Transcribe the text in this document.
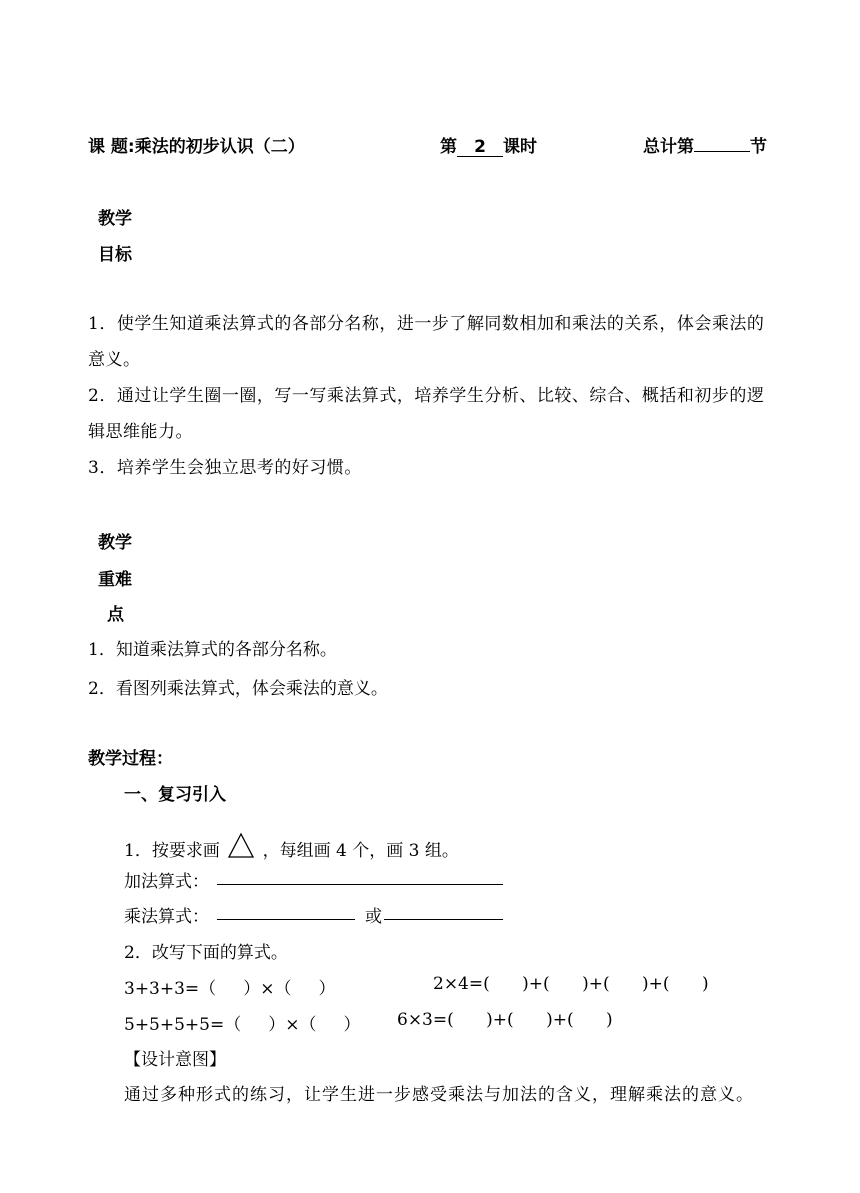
课 题:乘法的初步认识（二）	第 2 课时	总计第	节
教学
目标
1．使学生知道乘法算式的各部分名称，进一步了解同数相加和乘法的关系，体会乘法的意义。
2．通过让学生圈一圈，写一写乘法算式，培养学生分析、比较、综合、概括和初步的逻辑思维能力。
3．培养学生会独立思考的好习惯。
教学
重难
点
1．知道乘法算式的各部分名称。
2．看图列乘法算式，体会乘法的意义。
教学过程：
一、复习引入
1．按要求画	，每组画 4 个，画 3 组。
加法算式：
乘法算式：	或
2．改写下面的算式。
3+3+3=（     ）×（     ）	2×4=(      )+(      )+(      )+(      )
5+5+5+5=（     ）×（     ） 6×3=(      )+(      )+(      )
【设计意图】
通过多种形式的练习，让学生进一步感受乘法与加法的含义，理解乘法的意义。
